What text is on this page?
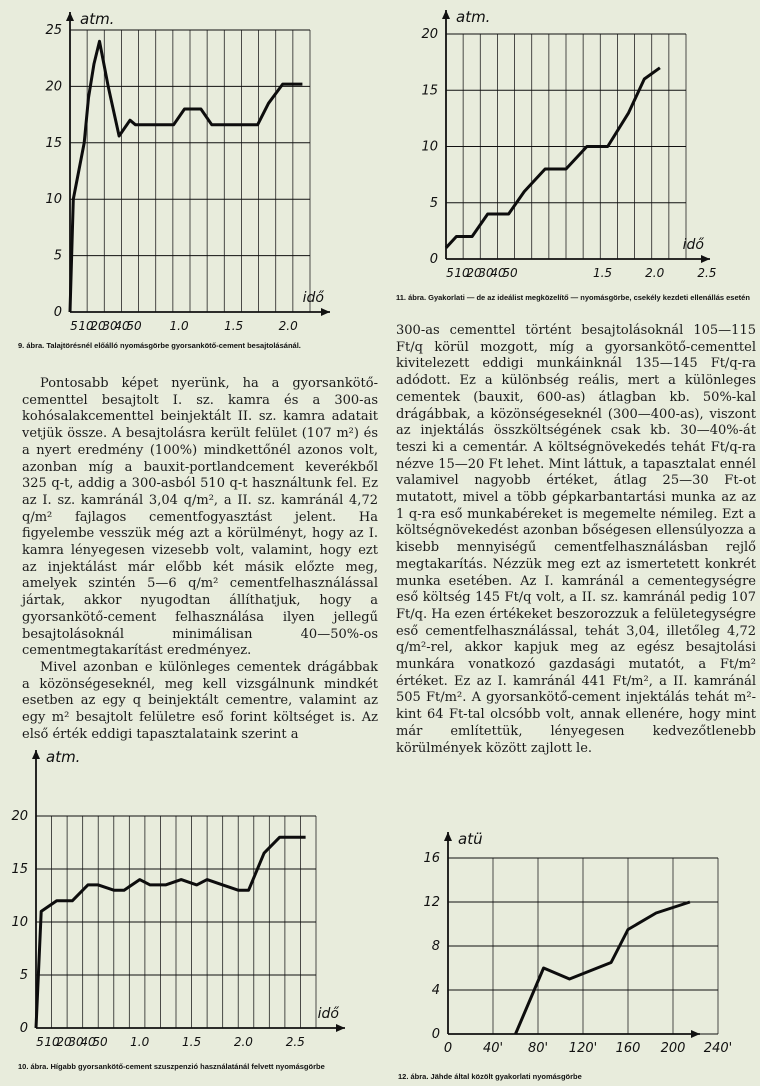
0
5
10
15
20
25
atm.
idő
5 10
20
30
40
50 1.0	1.5	2.0
9. ábra. Talajtörésnél előálló nyomásgörbe gyorsankötő-cement besajtolásánál.
0
5
10
15
20
atm.
idő
5 10
20
30
40
50	1.5	2.0	2.5
11. ábra. Gyakorlati — de az ideálist megközelítő — nyomásgörbe, csekély kezdeti ellenállás esetén

Pontosabb képet nyerünk, ha a gyorsankötő-cementtel besajtolt I. sz. kamra és a 300-as kohósalakcementtel beinjektált II. sz. kamra adatait vetjük össze. A besajtolásra került felület (107 m²) és a nyert eredmény (100%) mindkettőnél azonos volt, azonban míg a bauxit-portlandcement keverékből 325 q-t, addig a 300-asból 510 q-t használtunk fel. Ez az I. sz. kamránál 3,04 q/m², a II. sz. kamránál 4,72 q/m² fajlagos cementfogyasztást jelent. Ha figyelembe vesszük még azt a körülményt, hogy az I. kamra lényegesen vizesebb volt, valamint, hogy ezt az injektálást már előbb két másik előzte meg, amelyek szintén 5—6 q/m² cementfelhasználással jártak, akkor nyugodtan állíthatjuk, hogy a gyorsankötő-cement felhasználása ilyen jellegű besajtolásoknál minimálisan 40—50%-os cementmegtakarítást eredményez.

Mivel azonban e különleges cementek drágábbak a közönségeseknél, meg kell vizsgálnunk mindkét esetben az egy q beinjektált cementre, valamint az egy m² besajtolt felületre eső forint költséget is. Az első érték eddigi tapasztalataink szerint a

300-as cementtel történt besajtolásoknál 105—115 Ft/q körül mozgott, míg a gyorsankötő-cementtel kivitelezett eddigi munkáinknál 135—145 Ft/q-ra adódott. Ez a különbség reális, mert a különleges cementek (bauxit, 600-as) átlagban kb. 50%-kal drágábbak, a közönségeseknél (300—400-as), viszont az injektálás összköltségének csak kb. 30—40%-át teszi ki a cementár. A költségnövekedés tehát Ft/q-ra nézve 15—20 Ft lehet. Mint láttuk, a tapasztalat ennél valamivel nagyobb értéket, átlag 25—30 Ft-ot mutatott, mivel a több gépkarbantartási munka az az 1 q-ra eső munkabéreket is megemelte némileg. Ezt a költségnövekedést azonban bőségesen ellensúlyozza a kisebb mennyiségű cementfelhasználásban rejlő megtakarítás. Nézzük meg ezt az ismertetett konkrét munka esetében. Az I. kamránál a cementegységre eső költség 145 Ft/q volt, a II. sz. kamránál pedig 107 Ft/q. Ha ezen értékeket beszorozzuk a felületegységre eső cementfelhasználással, tehát 3,04, illetőleg 4,72 q/m²-rel, akkor kapjuk meg az egész besajtolási munkára vonatkozó gazdasági mutatót, a Ft/m² értéket. Ez az I. kamránál 441 Ft/m², a II. kamránál 505 Ft/m². A gyorsankötő-cement injektálás tehát m²-kint 64 Ft-tal olcsóbb volt, annak ellenére, hogy mint már említettük, lényegesen kedvezőtlenebb körülmények között zajlott le.

0
5
10
15
20
atm.
idő
5 10
20
30
40
50 1.0	1.5	2.0	2.5
10. ábra. Hígabb gyorsankötő-cement szuszpenzió használatánál felvett nyomásgörbe
0
4
8
12
16
atü
0 40' 80' 120' 160 200 240'
12. ábra. Jähde által közölt gyakorlati nyomásgörbe
